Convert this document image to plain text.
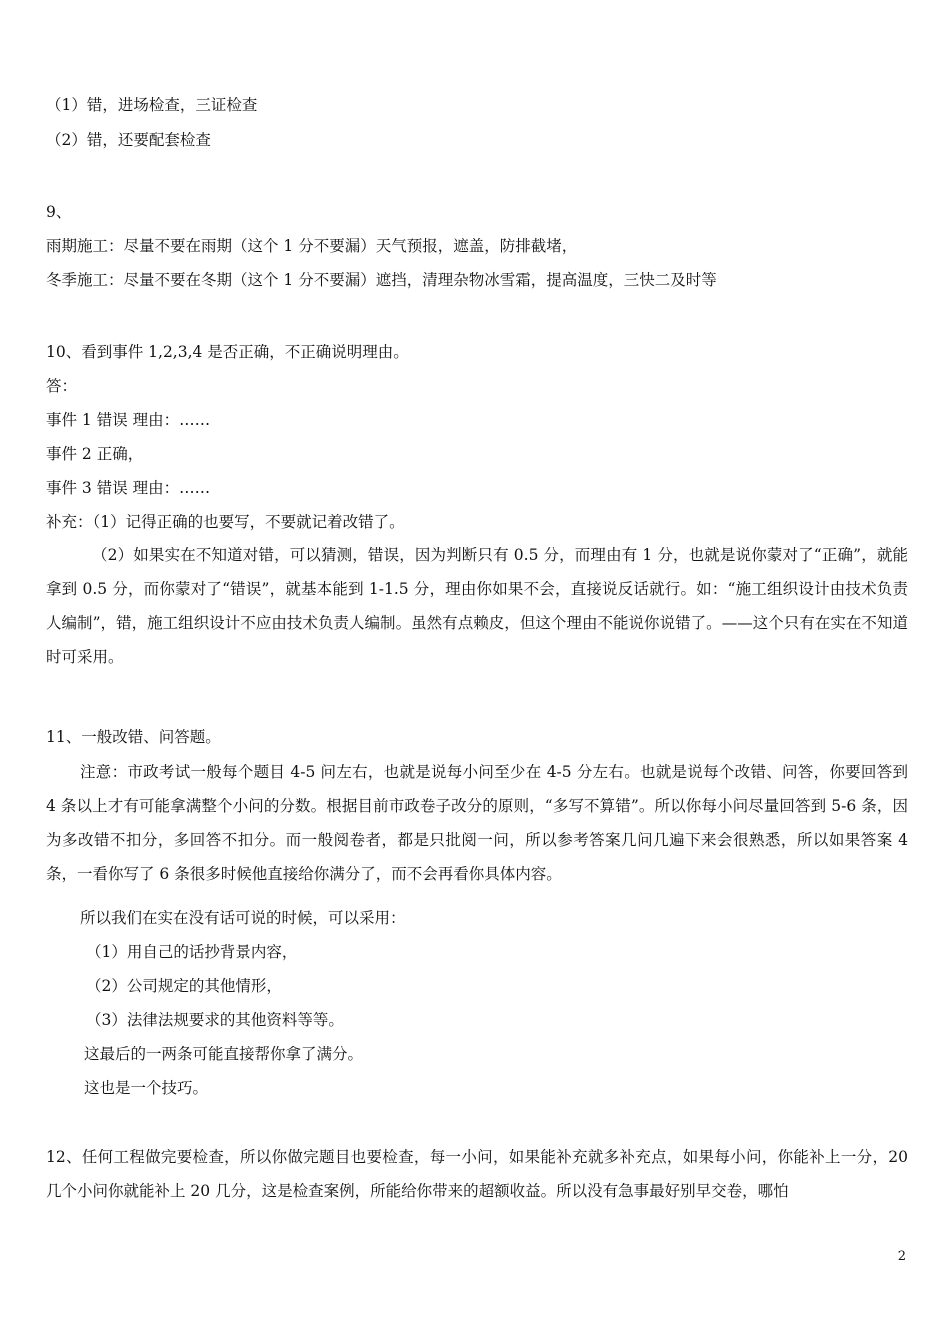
（1）错，进场检查，三证检查
（2）错，还要配套检查
9、
雨期施工：尽量不要在雨期（这个 1 分不要漏）天气预报，遮盖，防排截堵，
冬季施工：尽量不要在冬期（这个 1 分不要漏）遮挡，清理杂物冰雪霜，提高温度，三快二及时等
10、看到事件 1,2,3,4 是否正确，不正确说明理由。
答：
事件 1 错误 理由：……
事件 2 正确，
事件 3 错误 理由：……
补充：（1）记得正确的也要写，不要就记着改错了。
（2）如果实在不知道对错，可以猜测，错误，因为判断只有 0.5 分，而理由有 1 分，也就是说你蒙对了“正确”，就能拿到 0.5 分，而你蒙对了“错误”，就基本能到 1-1.5 分，理由你如果不会，直接说反话就行。如：“施工组织设计由技术负责人编制”，错，施工组织设计不应由技术负责人编制。虽然有点赖皮，但这个理由不能说你说错了。——这个只有在实在不知道时可采用。
11、一般改错、问答题。
注意：市政考试一般每个题目 4-5 问左右，也就是说每小问至少在 4-5 分左右。也就是说每个改错、问答，你要回答到 4 条以上才有可能拿满整个小问的分数。根据目前市政卷子改分的原则，“多写不算错”。所以你每小问尽量回答到 5-6 条，因为多改错不扣分，多回答不扣分。而一般阅卷者，都是只批阅一问，所以参考答案几问几遍下来会很熟悉，所以如果答案 4 条，一看你写了 6 条很多时候他直接给你满分了，而不会再看你具体内容。
所以我们在实在没有话可说的时候，可以采用：
（1）用自己的话抄背景内容，
（2）公司规定的其他情形，
（3）法律法规要求的其他资料等等。
这最后的一两条可能直接帮你拿了满分。
这也是一个技巧。
12、任何工程做完要检查，所以你做完题目也要检查，每一小问，如果能补充就多补充点，如果每小问，你能补上一分，20 几个小问你就能补上 20 几分，这是检查案例，所能给你带来的超额收益。所以没有急事最好别早交卷，哪怕
2
